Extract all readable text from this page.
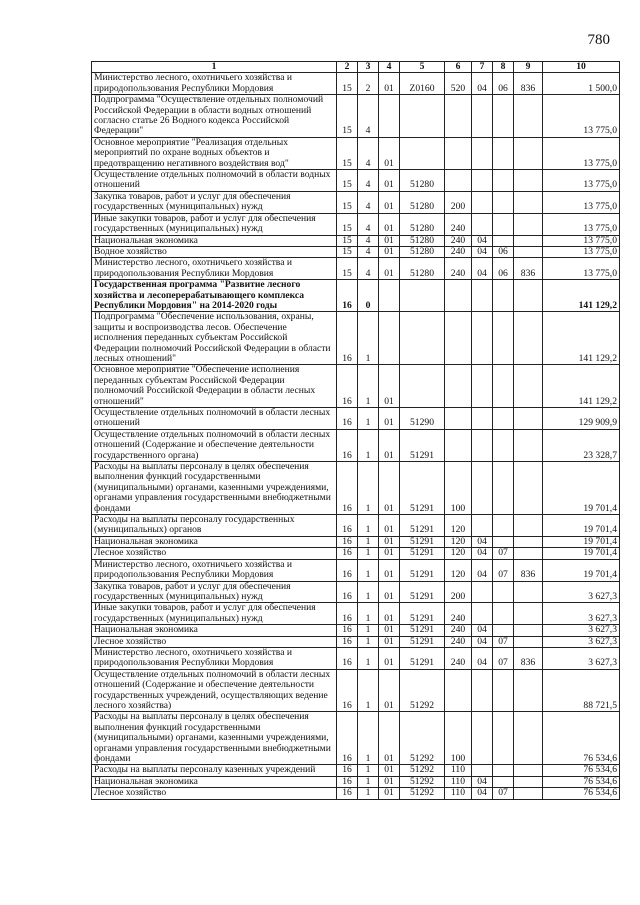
780
1	2	3	4	5	6	7	8	9	10
Министерство лесного, охотничьего хозяйства и природопользования Республики Мордовия	15	2	01	Z0160	520	04	06	836	1 500,0
Подпрограмма "Осуществление отдельных полномочий Российской Федерации в области водных отношений согласно статье 26 Водного кодекса Российской Федерации"	15	4							13 775,0
Основное мероприятие "Реализация отдельных мероприятий по охране водных объектов и предотвращению негативного воздействия вод"	15	4	01						13 775,0
Осуществление отдельных полномочий в области водных отношений	15	4	01	51280					13 775,0
Закупка товаров, работ и услуг для обеспечения государственных (муниципальных) нужд	15	4	01	51280	200				13 775,0
Иные закупки товаров, работ и услуг для обеспечения государственных (муниципальных) нужд	15	4	01	51280	240				13 775,0
Национальная экономика	15	4	01	51280	240	04			13 775,0
Водное хозяйство	15	4	01	51280	240	04	06		13 775,0
Министерство лесного, охотничьего хозяйства и природопользования Республики Мордовия	15	4	01	51280	240	04	06	836	13 775,0
Государственная программа "Развитие лесного хозяйства и лесоперерабатывающего комплекса Республики Мордовия" на 2014-2020 годы	16	0							141 129,2
Подпрограмма "Обеспечение использования, охраны, защиты и воспроизводства лесов. Обеспечение исполнения переданных субъектам Российской Федерации полномочий Российской Федерации в области лесных отношений"	16	1							141 129,2
Основное мероприятие "Обеспечение исполнения переданных субъектам Российской Федерации полномочий Российской Федерации в области лесных отношений"	16	1	01						141 129,2
Осуществление отдельных полномочий в области лесных отношений	16	1	01	51290					129 909,9
Осуществление отдельных полномочий в области лесных отношений (Содержание и обеспечение деятельности государственного органа)	16	1	01	51291					23 328,7
Расходы на выплаты персоналу в целях обеспечения выполнения функций государственными (муниципальными) органами, казенными учреждениями, органами управления государственными внебюджетными фондами	16	1	01	51291	100				19 701,4
Расходы на выплаты персоналу государственных (муниципальных) органов	16	1	01	51291	120				19 701,4
Национальная экономика	16	1	01	51291	120	04			19 701,4
Лесное хозяйство	16	1	01	51291	120	04	07		19 701,4
Министерство лесного, охотничьего хозяйства и природопользования Республики Мордовия	16	1	01	51291	120	04	07	836	19 701,4
Закупка товаров, работ и услуг для обеспечения государственных (муниципальных) нужд	16	1	01	51291	200				3 627,3
Иные закупки товаров, работ и услуг для обеспечения государственных (муниципальных) нужд	16	1	01	51291	240				3 627,3
Национальная экономика	16	1	01	51291	240	04			3 627,3
Лесное хозяйство	16	1	01	51291	240	04	07		3 627,3
Министерство лесного, охотничьего хозяйства и природопользования Республики Мордовия	16	1	01	51291	240	04	07	836	3 627,3
Осуществление отдельных полномочий в области лесных отношений (Содержание и обеспечение деятельности государственных учреждений, осуществляющих ведение лесного хозяйства)	16	1	01	51292					88 721,5
Расходы на выплаты персоналу в целях обеспечения выполнения функций государственными (муниципальными) органами, казенными учреждениями, органами управления государственными внебюджетными фондами	16	1	01	51292	100				76 534,6
Расходы на выплаты персоналу казенных учреждений	16	1	01	51292	110				76 534,6
Национальная экономика	16	1	01	51292	110	04			76 534,6
Лесное хозяйство	16	1	01	51292	110	04	07		76 534,6
